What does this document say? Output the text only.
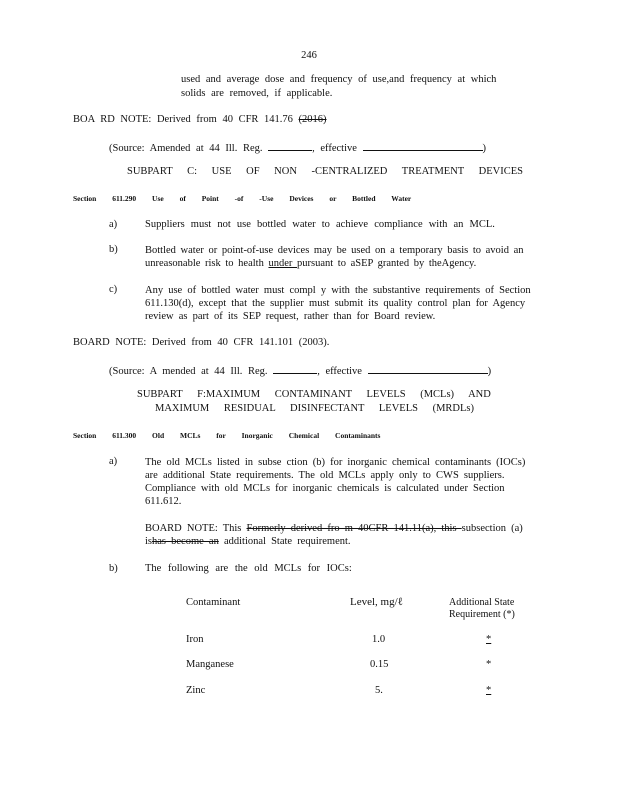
246
used and average dose and frequency of use,and frequency at which
solids are removed, if applicable.
BOA RD NOTE: Derived from 40 CFR 141.76 (2016)
(Source: Amended at 44 Ill. Reg.	, effective	)
SUBPART C: USE OF NON -CENTRALIZED TREATMENT DEVICES
Section 611.290 Use of Point -of -Use Devices or Bottled Water
a)	Suppliers must not use bottled water to achieve compliance with an MCL.
b)	Bottled water or point-of-use devices may be used on a temporary basis to avoid an unreasonable risk to health under pursuant to aSEP granted by theAgency.
c)	Any use of bottled water must compl y with the substantive requirements of Section 611.130(d), except that the supplier must submit its quality control plan for Agency review as part of its SEP request, rather than for Board review.
BOARD NOTE: Derived from 40 CFR 141.101 (2003).
(Source: A mended at 44 Ill. Reg.	, effective	)
SUBPART F:MAXIMUM CONTAMINANT LEVELS (MCLs) AND
MAXIMUM RESIDUAL DISINFECTANT LEVELS (MRDLs)
Section 611.300 Old MCLs for Inorganic Chemical Contaminants
a)	The old MCLs listed in subse ction (b) for inorganic chemical contaminants (IOCs) are additional State requirements. The old MCLs apply only to CWS suppliers. Compliance with old MCLs for inorganic chemicals is calculated under Section 611.612.
BOARD NOTE: This Formerly derived fro m 40CFR 141.11(a), this subsection (a) ishas become an additional State requirement.
b)	The following are the old MCLs for IOCs:
Contaminant	Level, mg/ℓ	Additional State
Requirement (*)
Iron	1.0	*
Manganese	0.15	*
Zinc	5.	*
